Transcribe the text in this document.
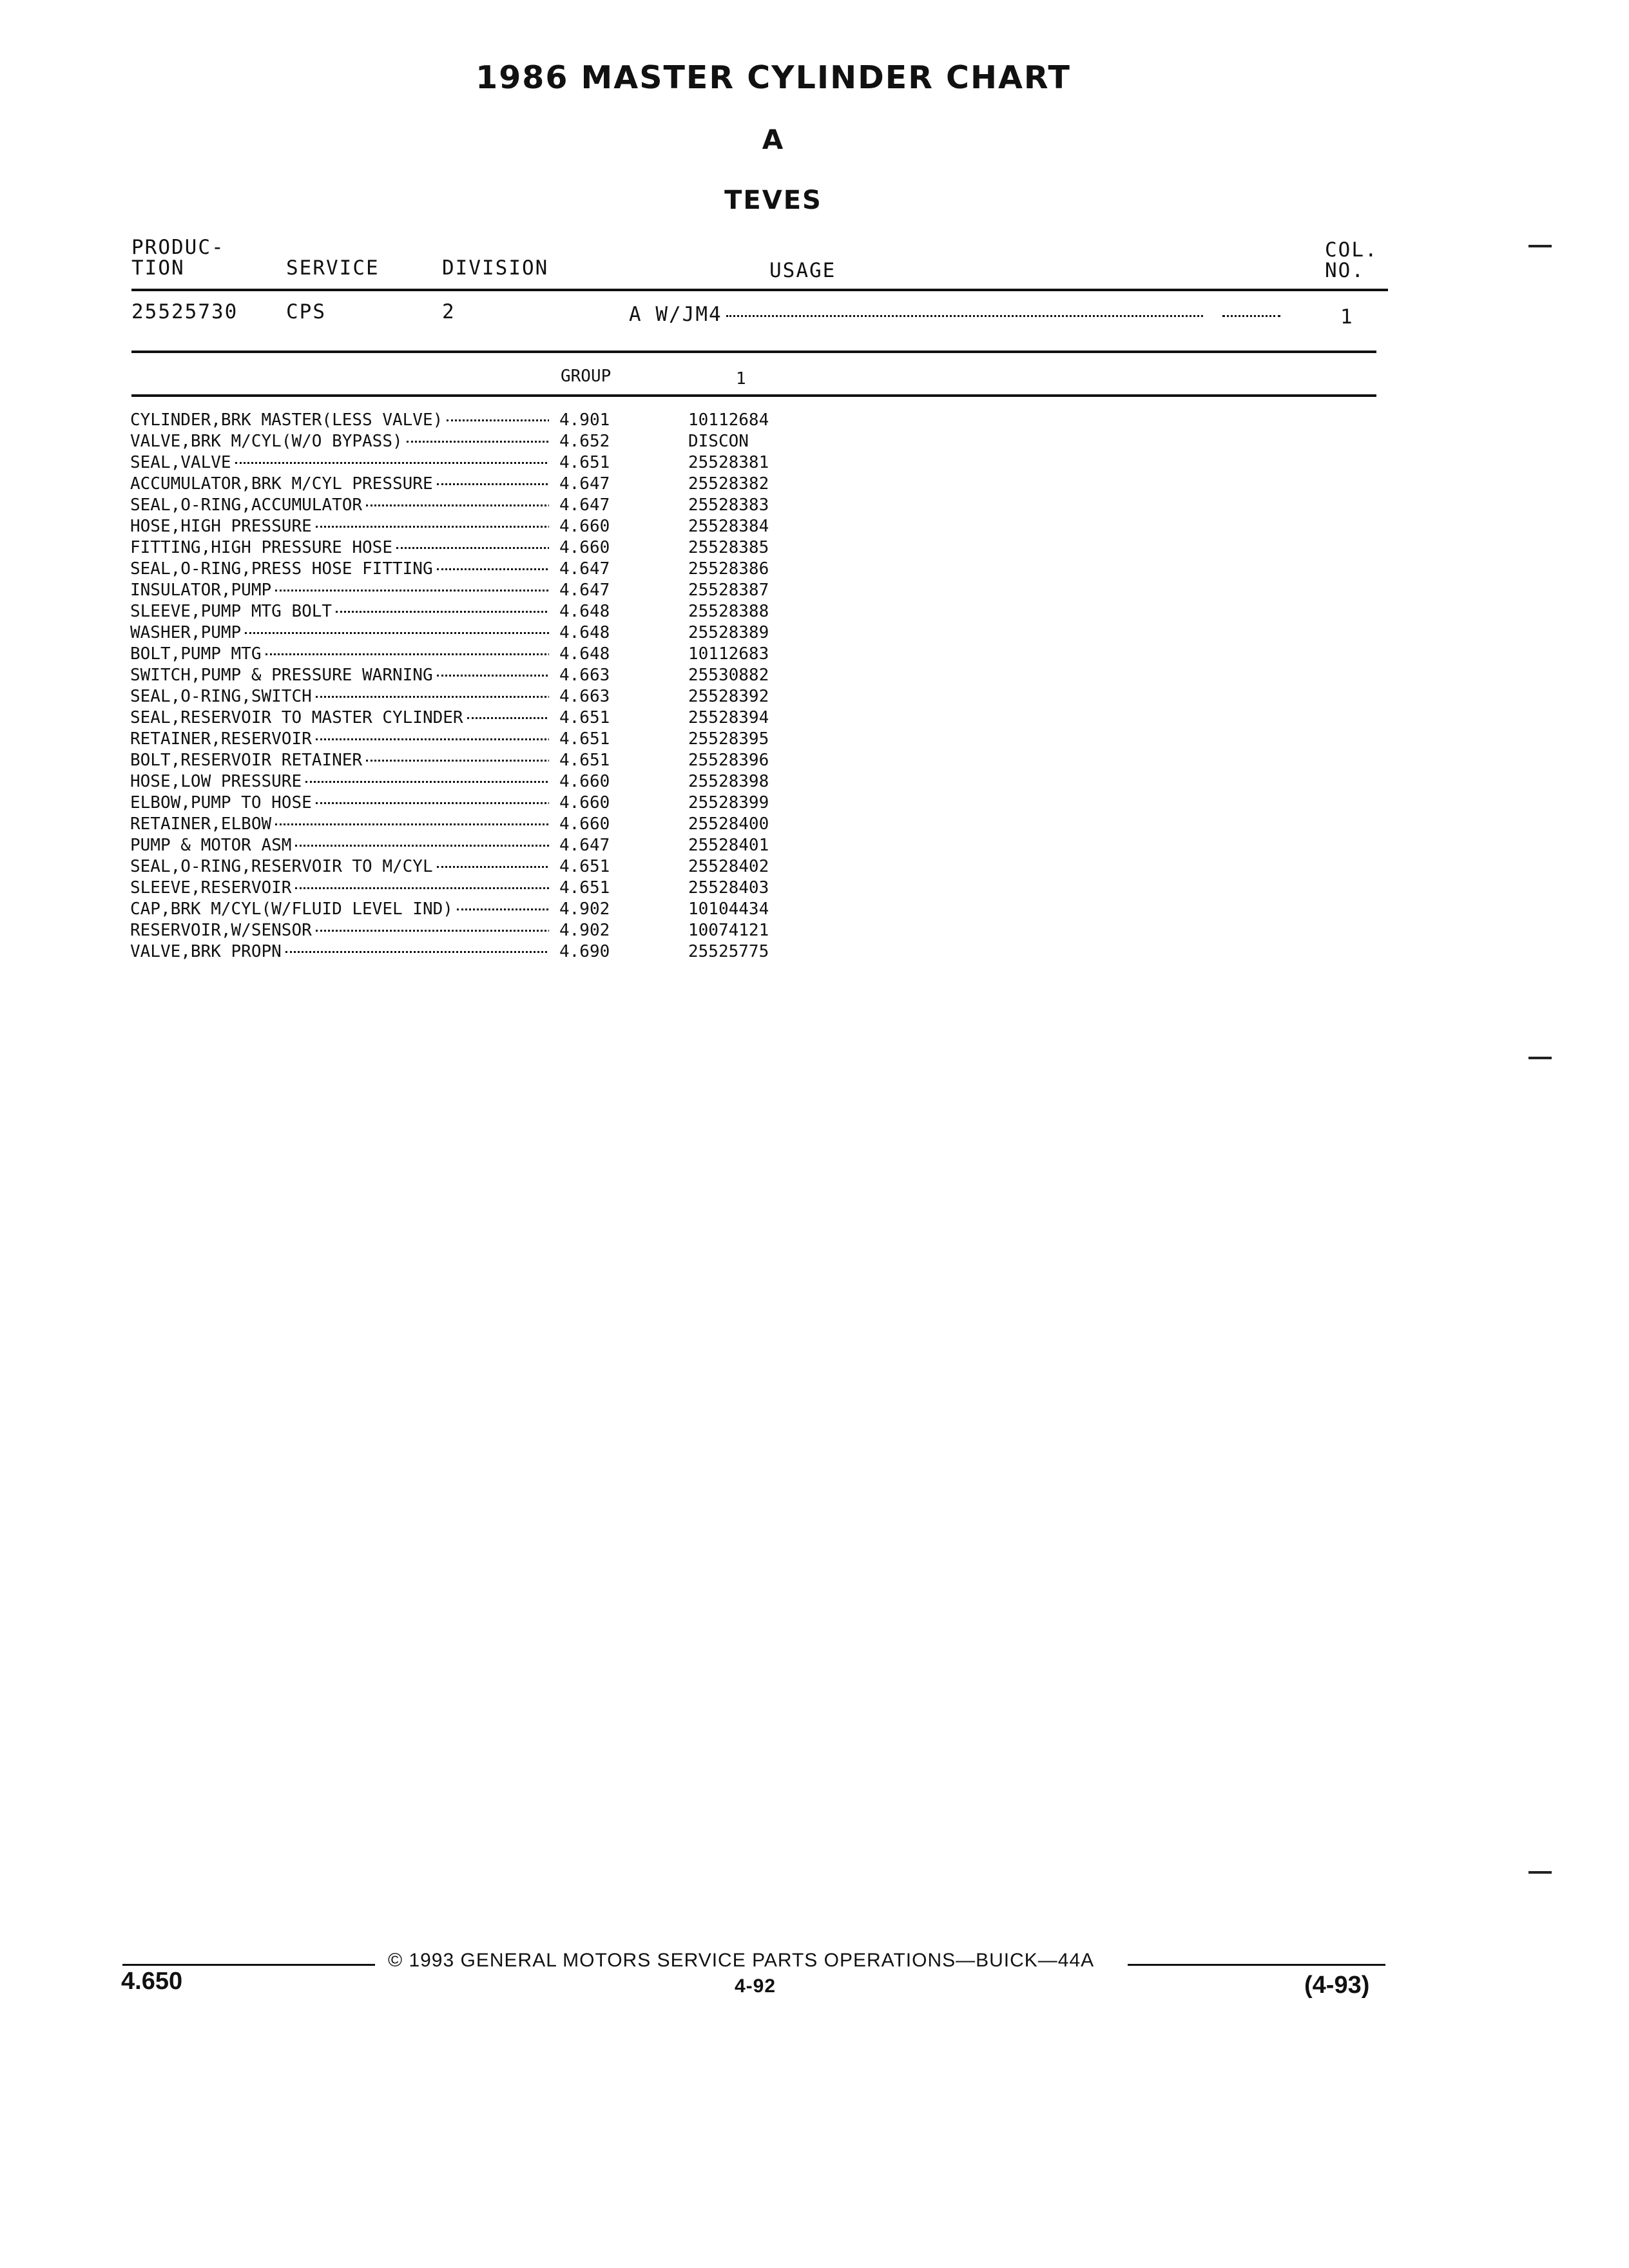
1986 MASTER CYLINDER CHART
A
TEVES
PRODUC-
TION	SERVICE	DIVISION	USAGE
COL.
NO.
25525730 CPS	2	A W/JM4	1
GROUP	1
CYLINDER,BRK MASTER(LESS VALVE)	4.901	10112684
VALVE,BRK M/CYL(W/O BYPASS)	4.652	DISCON
SEAL,VALVE	4.651	25528381
ACCUMULATOR,BRK M/CYL PRESSURE	4.647	25528382
SEAL,O-RING,ACCUMULATOR	4.647	25528383
HOSE,HIGH PRESSURE	4.660	25528384
FITTING,HIGH PRESSURE HOSE	4.660	25528385
SEAL,O-RING,PRESS HOSE FITTING	4.647	25528386
INSULATOR,PUMP	4.647	25528387
SLEEVE,PUMP MTG BOLT	4.648	25528388
WASHER,PUMP	4.648	25528389
BOLT,PUMP MTG	4.648	10112683
SWITCH,PUMP & PRESSURE WARNING	4.663	25530882
SEAL,O-RING,SWITCH	4.663	25528392
SEAL,RESERVOIR TO MASTER CYLINDER	4.651	25528394
RETAINER,RESERVOIR	4.651	25528395
BOLT,RESERVOIR RETAINER	4.651	25528396
HOSE,LOW PRESSURE	4.660	25528398
ELBOW,PUMP TO HOSE	4.660	25528399
RETAINER,ELBOW	4.660	25528400
PUMP & MOTOR ASM	4.647	25528401
SEAL,O-RING,RESERVOIR TO M/CYL	4.651	25528402
SLEEVE,RESERVOIR	4.651	25528403
CAP,BRK M/CYL(W/FLUID LEVEL IND)	4.902	10104434
RESERVOIR,W/SENSOR	4.902	10074121
VALVE,BRK PROPN	4.690	25525775
© 1993 GENERAL MOTORS SERVICE PARTS OPERATIONS—BUICK—44A
4.650	4-92	(4-93)
